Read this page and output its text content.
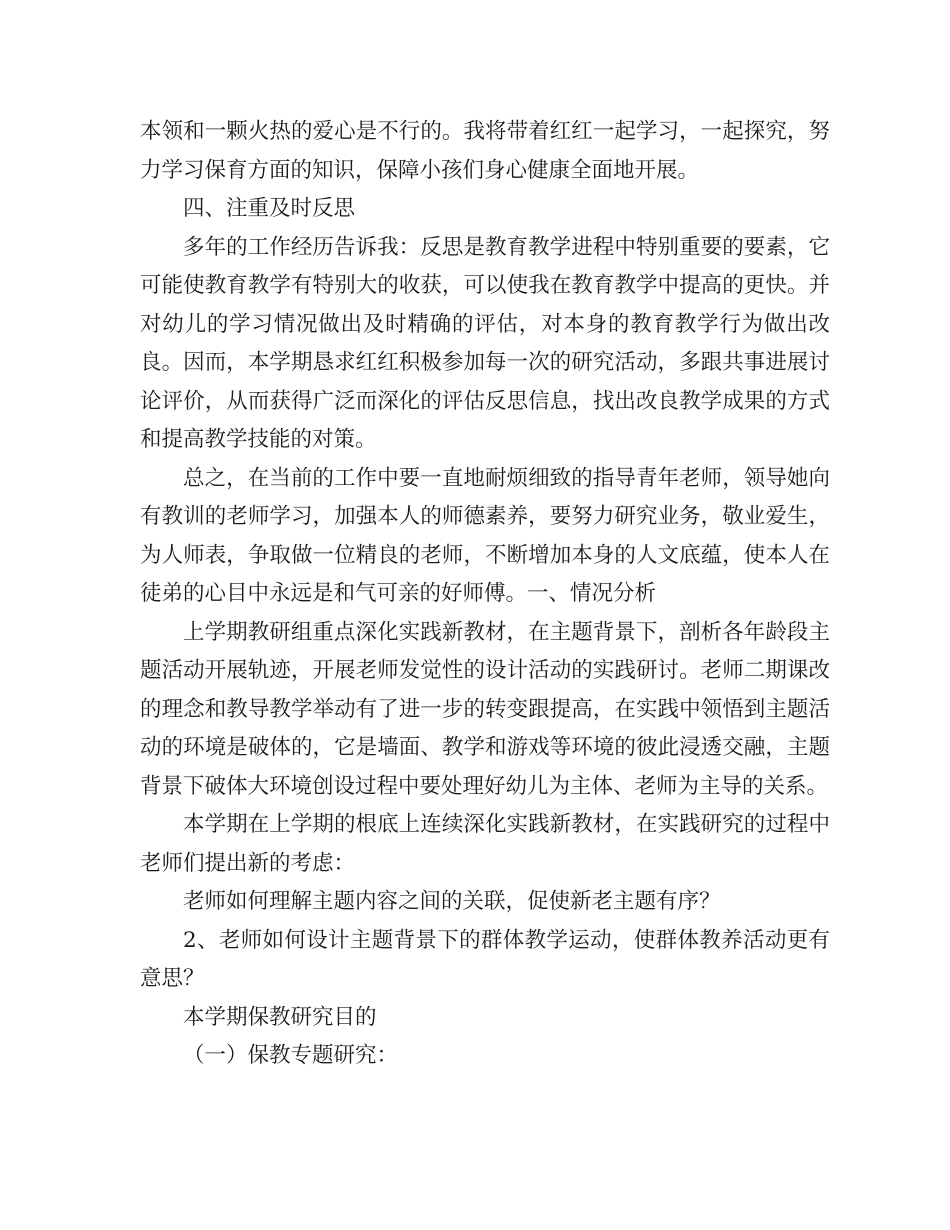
本领和一颗火热的爱心是不行的。我将带着红红一起学习，一起探究，努力学习保育方面的知识，保障小孩们身心健康全面地开展。

四、注重及时反思

多年的工作经历告诉我：反思是教育教学进程中特别重要的要素，它可能使教育教学有特别大的收获，可以使我在教育教学中提高的更快。并对幼儿的学习情况做出及时精确的评估，对本身的教育教学行为做出改良。因而，本学期恳求红红积极参加每一次的研究活动，多跟共事进展讨论评价，从而获得广泛而深化的评估反思信息，找出改良教学成果的方式和提高教学技能的对策。

总之，在当前的工作中要一直地耐烦细致的指导青年老师，领导她向有教训的老师学习，加强本人的师德素养，要努力研究业务，敬业爱生，为人师表，争取做一位精良的老师，不断增加本身的人文底蕴，使本人在徒弟的心目中永远是和气可亲的好师傅。一、情况分析

上学期教研组重点深化实践新教材，在主题背景下，剖析各年龄段主题活动开展轨迹，开展老师发觉性的设计活动的实践研讨。老师二期课改的理念和教导教学举动有了进一步的转变跟提高，在实践中领悟到主题活动的环境是破体的，它是墙面、教学和游戏等环境的彼此浸透交融，主题背景下破体大环境创设过程中要处理好幼儿为主体、老师为主导的关系。

本学期在上学期的根底上连续深化实践新教材，在实践研究的过程中老师们提出新的考虑：

老师如何理解主题内容之间的关联，促使新老主题有序？

2、老师如何设计主题背景下的群体教学运动，使群体教养活动更有意思？

本学期保教研究目的

（一）保教专题研究：
